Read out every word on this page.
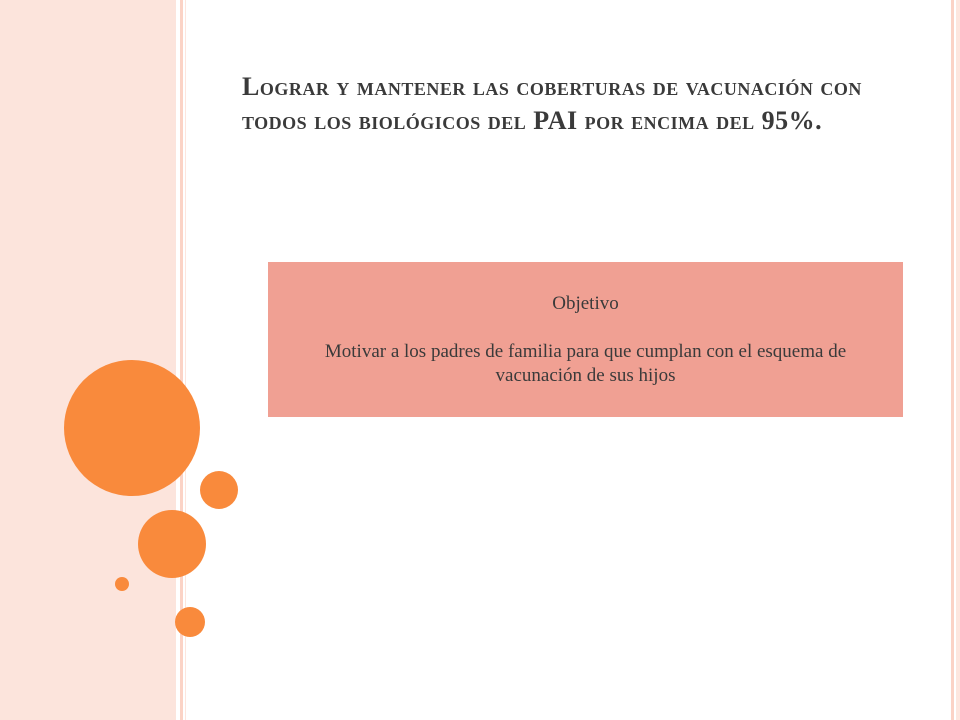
Lograr y mantener las coberturas de vacunación con todos los biológicos del PAI por encima del 95%.

Objetivo

Motivar a los padres de familia para que cumplan con el esquema de vacunación de sus hijos
